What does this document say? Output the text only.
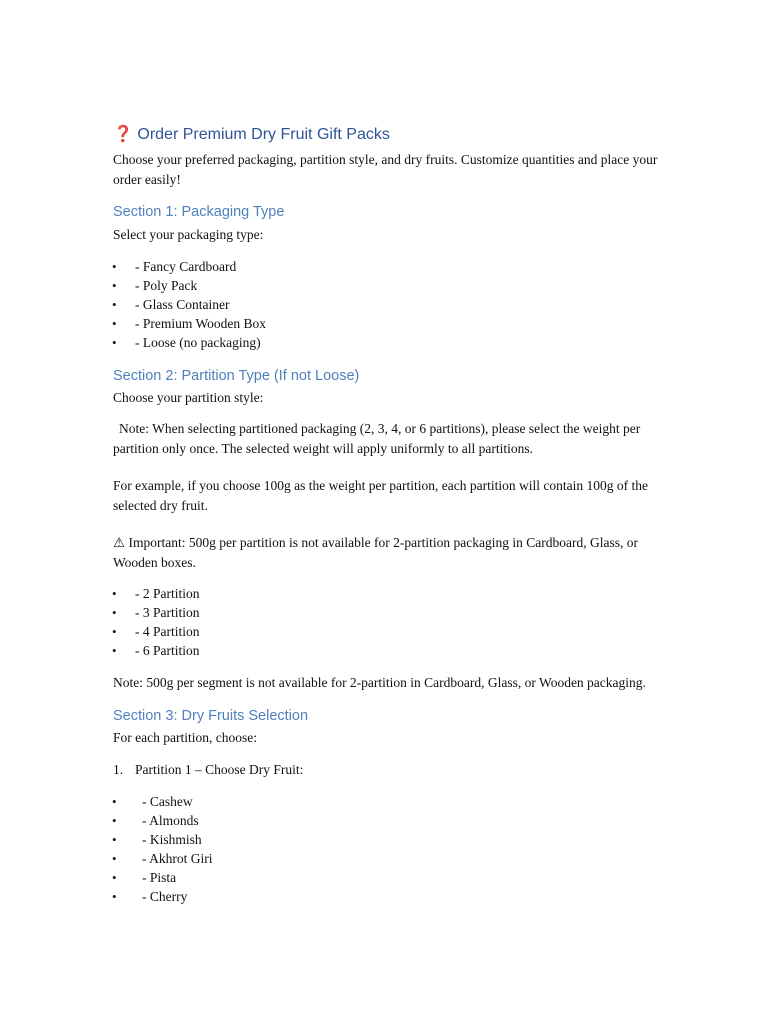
❓ Order Premium Dry Fruit Gift Packs

Choose your preferred packaging, partition style, and dry fruits. Customize quantities and place your order easily!

Section 1: Packaging Type

Select your packaging type:

• - Fancy Cardboard
• - Poly Pack
• - Glass Container
• - Premium Wooden Box
• - Loose (no packaging)
Section 2: Partition Type (If not Loose)

Choose your partition style:

Note: When selecting partitioned packaging (2, 3, 4, or 6 partitions), please select the weight per partition only once. The selected weight will apply uniformly to all partitions.

For example, if you choose 100g as the weight per partition, each partition will contain 100g of the selected dry fruit.

⚠ Important: 500g per partition is not available for 2-partition packaging in Cardboard, Glass, or Wooden boxes.

• - 2 Partition
• - 3 Partition
• - 4 Partition
• - 6 Partition

Note: 500g per segment is not available for 2-partition in Cardboard, Glass, or Wooden packaging.

Section 3: Dry Fruits Selection

For each partition, choose:

1. Partition 1 – Choose Dry Fruit:
• - Cashew
• - Almonds
• - Kishmish
• - Akhrot Giri
• - Pista
• - Cherry
